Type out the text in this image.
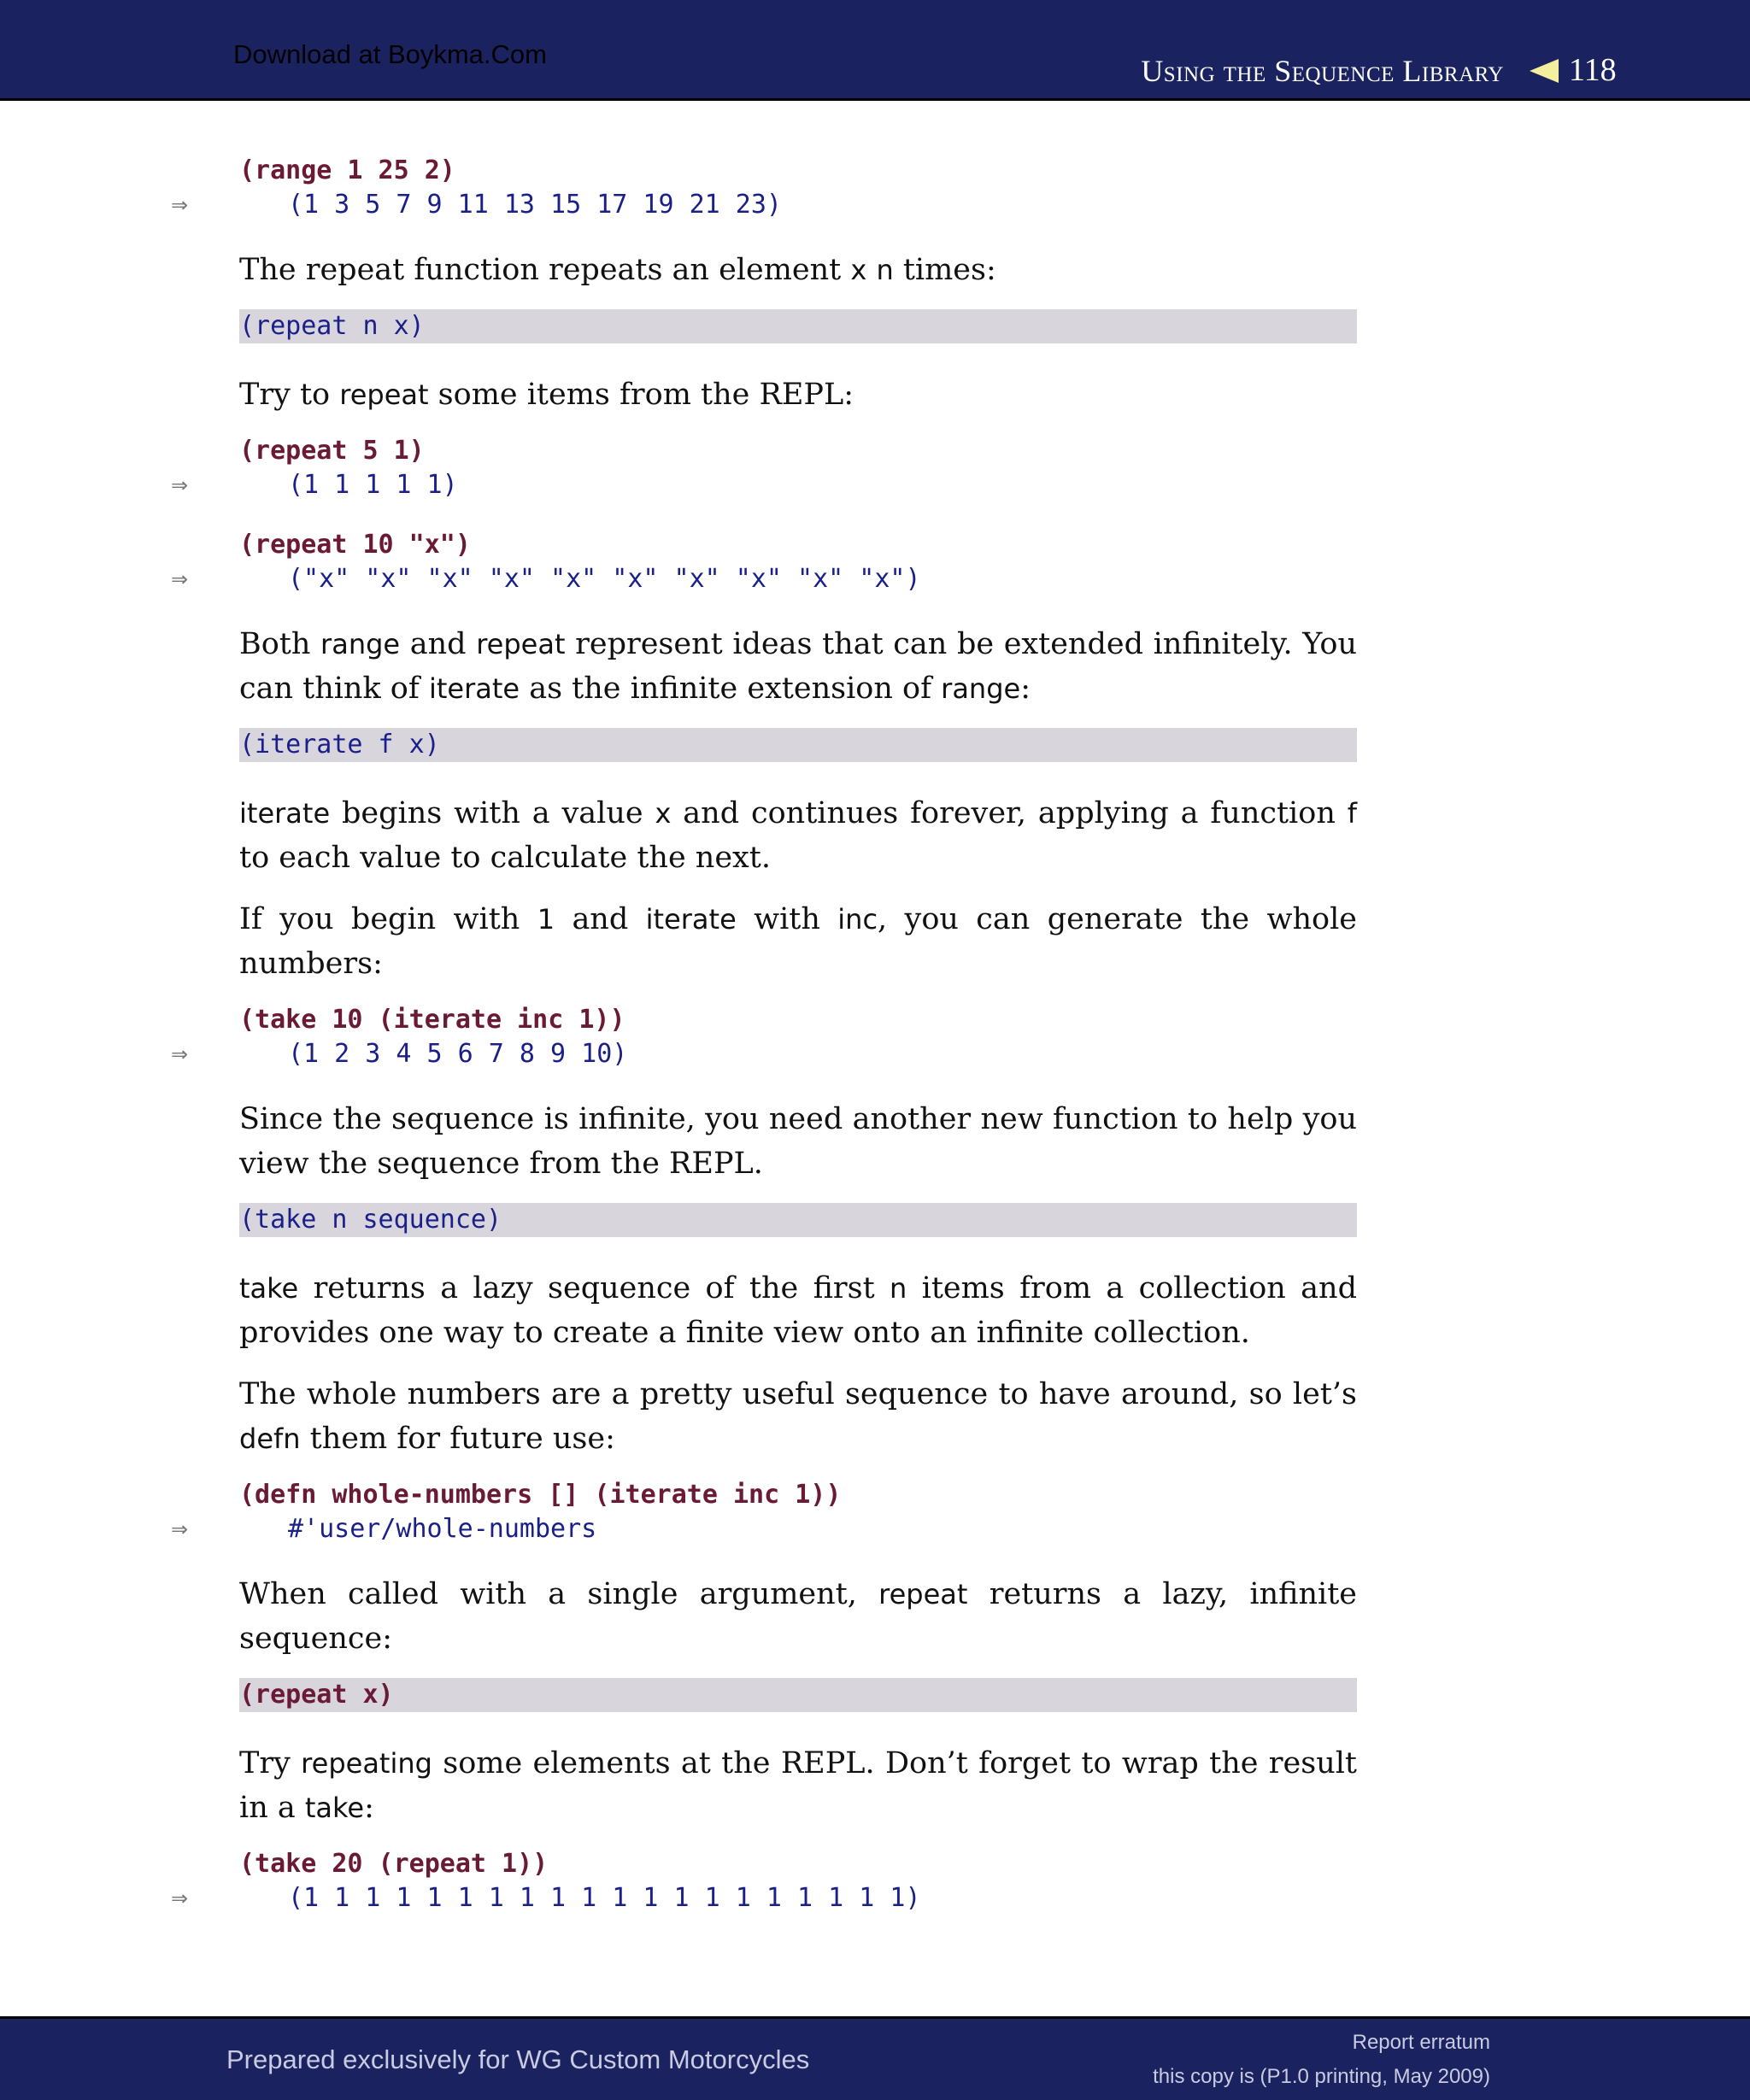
Download at Boykma.Com	Using the Sequence Library 118
(range 1 25 2)
⇒	(1 3 5 7 9 11 13 15 17 19 21 23)

The repeat function repeats an element x n times:

(repeat n x)

Try to repeat some items from the REPL:

(repeat 5 1)
⇒	(1 1 1 1 1)
(repeat 10 "x")
⇒	("x" "x" "x" "x" "x" "x" "x" "x" "x" "x")

Both range and repeat represent ideas that can be extended infinitely. You can think of iterate as the infinite extension of range:

(iterate f x)

iterate begins with a value x and continues forever, applying a function f to each value to calculate the next.

If you begin with 1 and iterate with inc, you can generate the whole numbers:

(take 10 (iterate inc 1))
⇒	(1 2 3 4 5 6 7 8 9 10)

Since the sequence is infinite, you need another new function to help you view the sequence from the REPL.

(take n sequence)

take returns a lazy sequence of the first n items from a collection and provides one way to create a finite view onto an infinite collection.

The whole numbers are a pretty useful sequence to have around, so let’s defn them for future use:

(defn whole-numbers [] (iterate inc 1))
⇒	#'user/whole-numbers

When called with a single argument, repeat returns a lazy, infinite sequence:

(repeat x)

Try repeating some elements at the REPL. Don’t forget to wrap the result in a take:

(take 20 (repeat 1))
⇒	(1 1 1 1 1 1 1 1 1 1 1 1 1 1 1 1 1 1 1 1)
Prepared exclusively for WG Custom Motorcycles
Report erratum
this copy is (P1.0 printing, May 2009)
